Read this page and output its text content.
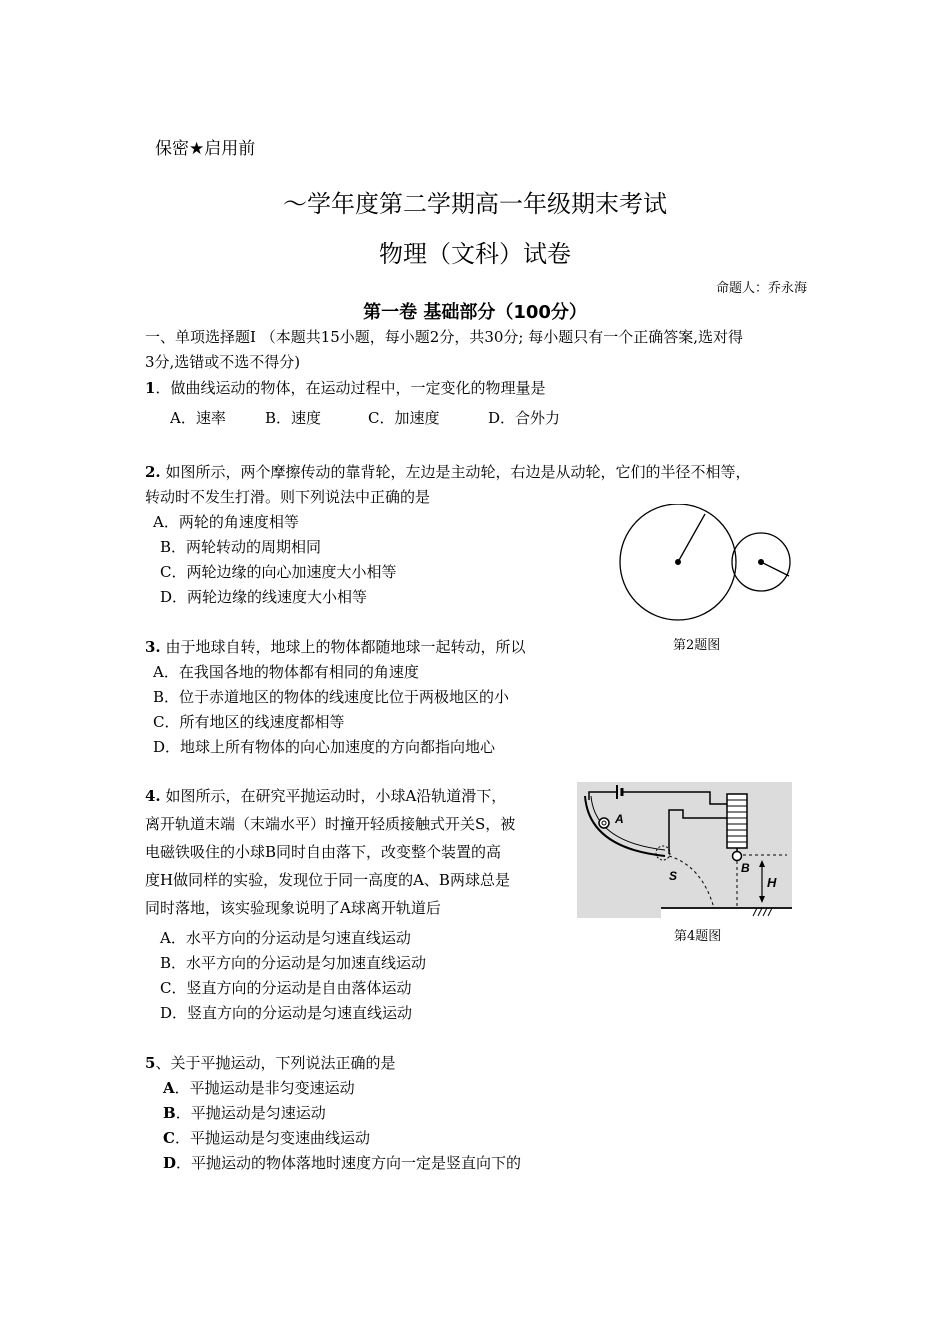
保密★启用前
～学年度第二学期高一年级期末考试
物理（文科）试卷
命题人：乔永海
第一卷 基础部分（100分）
一、单项选择题I （本题共15小题，每小题2分，共30分; 每小题只有一个正确答案,选对得
3分,选错或不选不得分)
1．做曲线运动的物体，在运动过程中，一定变化的物理量是
A．速率	B．速度	C．加速度	D．合外力
2. 如图所示，两个摩擦传动的靠背轮，左边是主动轮，右边是从动轮，它们的半径不相等，
转动时不发生打滑。则下列说法中正确的是
A．两轮的角速度相等
B．两轮转动的周期相同
C．两轮边缘的向心加速度大小相等
D．两轮边缘的线速度大小相等
第2题图
3. 由于地球自转，地球上的物体都随地球一起转动，所以
A．在我国各地的物体都有相同的角速度
B．位于赤道地区的物体的线速度比位于两极地区的小
C．所有地区的线速度都相等
D．地球上所有物体的向心加速度的方向都指向地心
4. 如图所示，在研究平抛运动时，小球A沿轨道滑下，
离开轨道末端（末端水平）时撞开轻质接触式开关S，被
电磁铁吸住的小球B同时自由落下，改变整个装置的高
度H做同样的实验，发现位于同一高度的A、B两球总是
同时落地，该实验现象说明了A球离开轨道后
A．水平方向的分运动是匀速直线运动
B．水平方向的分运动是匀加速直线运动
C．竖直方向的分运动是自由落体运动
D．竖直方向的分运动是匀速直线运动
A
B
S	H
第4题图
5、关于平抛运动，下列说法正确的是
A．平抛运动是非匀变速运动
B．平抛运动是匀速运动
C．平抛运动是匀变速曲线运动
D．平抛运动的物体落地时速度方向一定是竖直向下的
